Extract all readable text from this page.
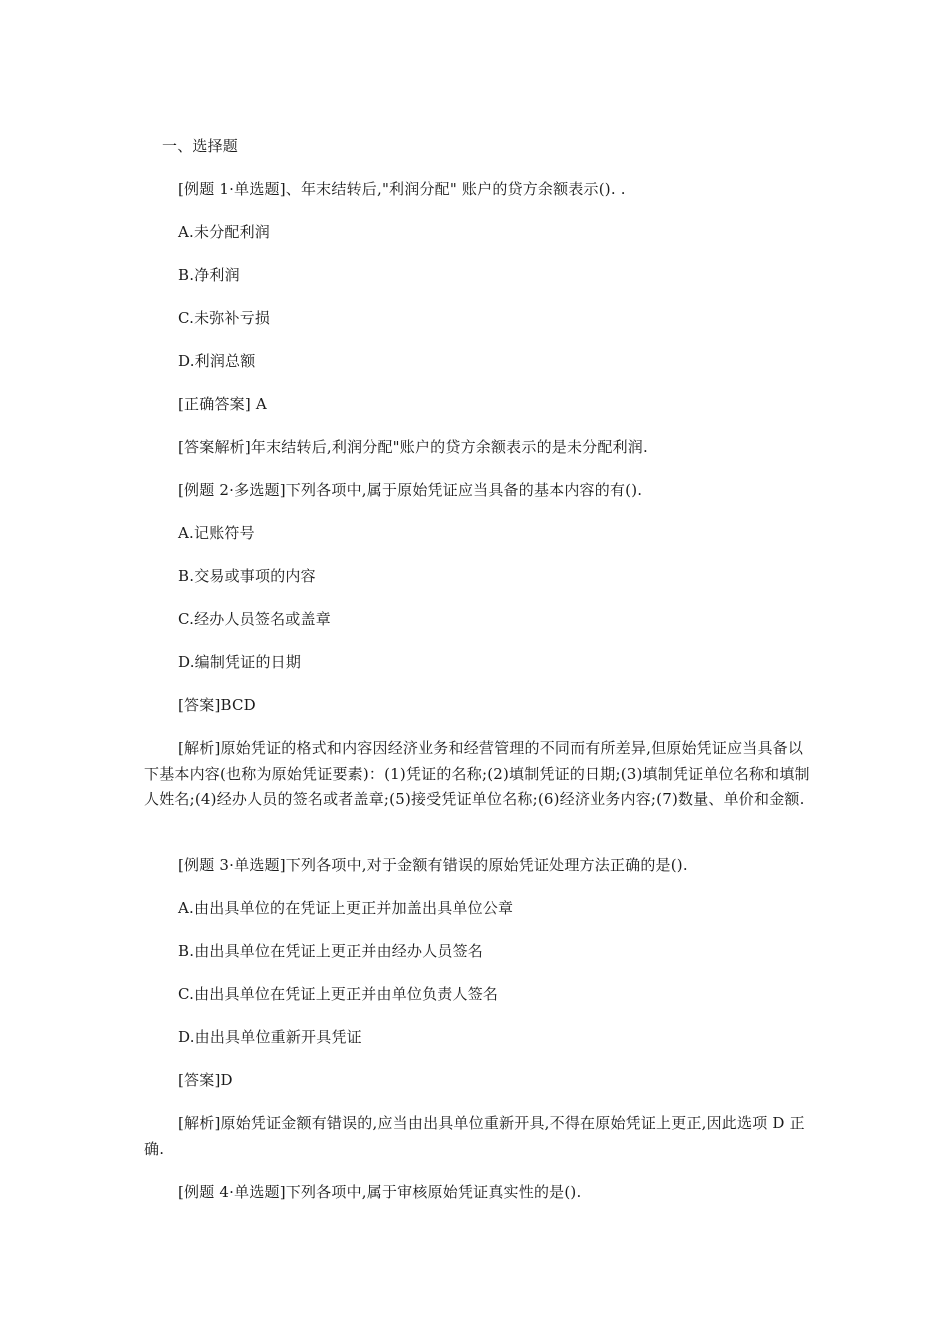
一、选择题
[例题 1·单选题]、年末结转后,"利润分配" 账户的贷方余额表示(). .
A.未分配利润
B.净利润
C.未弥补亏损
D.利润总额
[正确答案] A
[答案解析]年末结转后,利润分配"账户的贷方余额表示的是未分配利润.
[例题 2·多选题]下列各项中,属于原始凭证应当具备的基本内容的有().
A.记账符号
B.交易或事项的内容
C.经办人员签名或盖章
D.编制凭证的日期
[答案]BCD
[解析]原始凭证的格式和内容因经济业务和经营管理的不同而有所差异,但原始凭证应当具备以下基本内容(也称为原始凭证要素)：(1)凭证的名称;(2)填制凭证的日期;(3)填制凭证单位名称和填制人姓名;(4)经办人员的签名或者盖章;(5)接受凭证单位名称;(6)经济业务内容;(7)数量、单价和金额.
[例题 3·单选题]下列各项中,对于金额有错误的原始凭证处理方法正确的是().
A.由出具单位的在凭证上更正并加盖出具单位公章
B.由出具单位在凭证上更正并由经办人员签名
C.由出具单位在凭证上更正并由单位负责人签名
D.由出具单位重新开具凭证
[答案]D
[解析]原始凭证金额有错误的,应当由出具单位重新开具,不得在原始凭证上更正,因此选项 D 正确.
[例题 4·单选题]下列各项中,属于审核原始凭证真实性的是().
